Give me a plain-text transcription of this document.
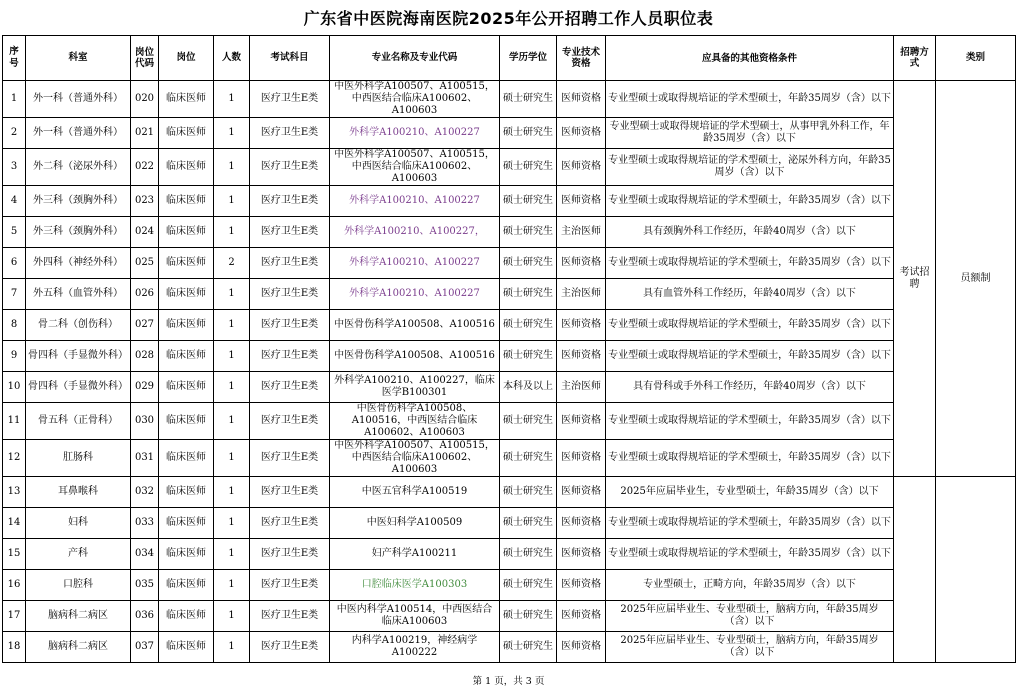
广东省中医院海南医院2025年公开招聘工作人员职位表
序号	科室	岗位代码	岗位	人数	考试科目	专业名称及专业代码	学历学位	专业技术资格	应具备的其他资格条件	招聘方式	类别
1	外一科（普通外科）	020	临床医师	1	医疗卫生E类	中医外科学A100507、A100515，中西医结合临床A100602、A100603	硕士研究生	医师资格	专业型硕士或取得规培证的学术型硕士，年龄35周岁（含）以下	考试招聘	员额制
2	外一科（普通外科）	021	临床医师	1	医疗卫生E类	外科学A100210、A100227	硕士研究生	医师资格	专业型硕士或取得规培证的学术型硕士，从事甲乳外科工作，年龄35周岁（含）以下		
3	外二科（泌尿外科）	022	临床医师	1	医疗卫生E类	中医外科学A100507、A100515，中西医结合临床A100602、A100603	硕士研究生	医师资格	专业型硕士或取得规培证的学术型硕士，泌尿外科方向，年龄35周岁（含）以下		
4	外三科（颈胸外科）	023	临床医师	1	医疗卫生E类	外科学A100210、A100227	硕士研究生	医师资格	专业型硕士或取得规培证的学术型硕士，年龄35周岁（含）以下		
5	外三科（颈胸外科）	024	临床医师	1	医疗卫生E类	外科学A100210、A100227，	硕士研究生	主治医师	具有颈胸外科工作经历，年龄40周岁（含）以下		
6	外四科（神经外科）	025	临床医师	2	医疗卫生E类	外科学A100210、A100227	硕士研究生	医师资格	专业型硕士或取得规培证的学术型硕士，年龄35周岁（含）以下		
7	外五科（血管外科）	026	临床医师	1	医疗卫生E类	外科学A100210、A100227	硕士研究生	主治医师	具有血管外科工作经历，年龄40周岁（含）以下		
8	骨二科（创伤科）	027	临床医师	1	医疗卫生E类	中医骨伤科学A100508、A100516	硕士研究生	医师资格	专业型硕士或取得规培证的学术型硕士，年龄35周岁（含）以下		
9	骨四科（手显微外科）	028	临床医师	1	医疗卫生E类	中医骨伤科学A100508、A100516	硕士研究生	医师资格	专业型硕士或取得规培证的学术型硕士，年龄35周岁（含）以下		
10	骨四科（手显微外科）	029	临床医师	1	医疗卫生E类	外科学A100210、A100227，临床医学B100301	本科及以上	主治医师	具有骨科或手外科工作经历，年龄40周岁（含）以下		
11	骨五科（正骨科）	030	临床医师	1	医疗卫生E类	中医骨伤科学A100508、A100516，中西医结合临床A100602、A100603	硕士研究生	医师资格	专业型硕士或取得规培证的学术型硕士，年龄35周岁（含）以下		
12	肛肠科	031	临床医师	1	医疗卫生E类	中医外科学A100507、A100515，中西医结合临床A100602、A100603	硕士研究生	医师资格	专业型硕士或取得规培证的学术型硕士，年龄35周岁（含）以下		
13	耳鼻喉科	032	临床医师	1	医疗卫生E类	中医五官科学A100519	硕士研究生	医师资格	2025年应届毕业生，专业型硕士，年龄35周岁（含）以下		
14	妇科	033	临床医师	1	医疗卫生E类	中医妇科学A100509	硕士研究生	医师资格	专业型硕士或取得规培证的学术型硕士，年龄35周岁（含）以下		
15	产科	034	临床医师	1	医疗卫生E类	妇产科学A100211	硕士研究生	医师资格	专业型硕士或取得规培证的学术型硕士，年龄35周岁（含）以下		
16	口腔科	035	临床医师	1	医疗卫生E类	口腔临床医学A100303	硕士研究生	医师资格	专业型硕士，正畸方向，年龄35周岁（含）以下		
17	脑病科二病区	036	临床医师	1	医疗卫生E类	中医内科学A100514，中西医结合临床A100603	硕士研究生	医师资格	2025年应届毕业生、专业型硕士，脑病方向，年龄35周岁（含）以下		
18	脑病科二病区	037	临床医师	1	医疗卫生E类	内科学A100219，神经病学A100222	硕士研究生	医师资格	2025年应届毕业生、专业型硕士，脑病方向，年龄35周岁（含）以下		
第 1 页，共 3 页
